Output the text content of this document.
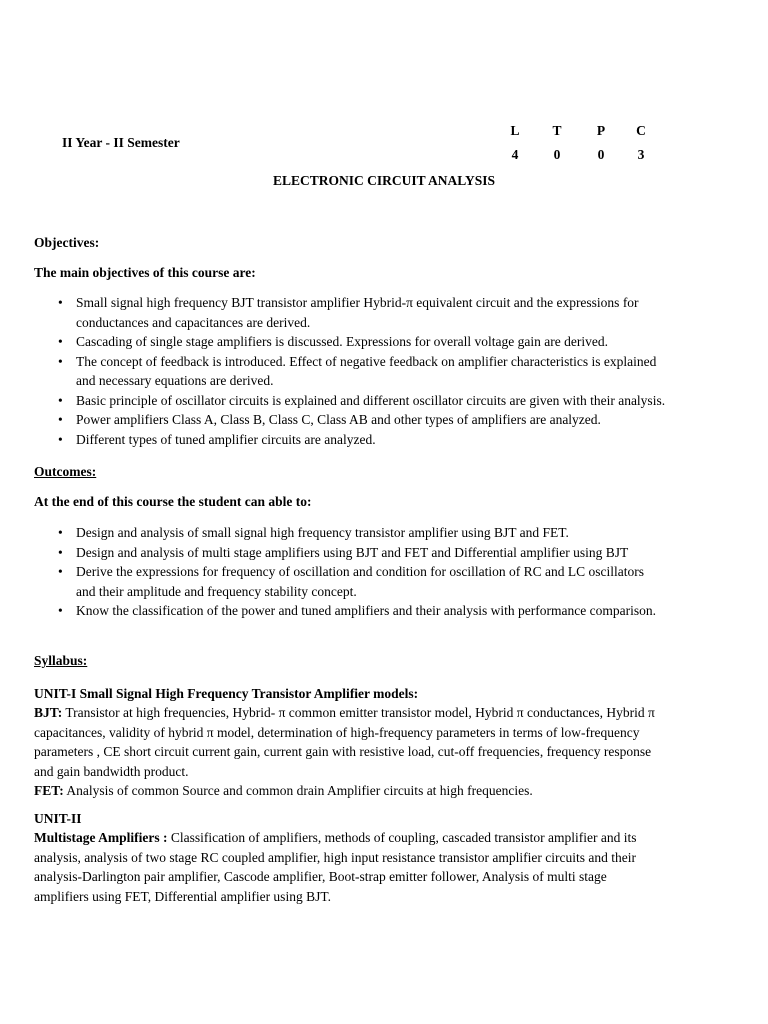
II Year - II Semester
L T	P C
4	0	0 3
ELECTRONIC CIRCUIT ANALYSIS
Objectives:
The main objectives of this course are:
• Small signal high frequency BJT transistor amplifier Hybrid-π equivalent circuit and the expressions for
conductances and capacitances are derived.
• Cascading of single stage amplifiers is discussed. Expressions for overall voltage gain are derived.
• The concept of feedback is introduced. Effect of negative feedback on amplifier characteristics is explained
and necessary equations are derived.
• Basic principle of oscillator circuits is explained and different oscillator circuits are given with their analysis.
• Power amplifiers Class A, Class B, Class C, Class AB and other types of amplifiers are analyzed.
• Different types of tuned amplifier circuits are analyzed.
Outcomes:
At the end of this course the student can able to:
• Design and analysis of small signal high frequency transistor amplifier using BJT and FET.
• Design and analysis of multi stage amplifiers using BJT and FET and Differential amplifier using BJT
• Derive the expressions for frequency of oscillation and condition for oscillation of RC and LC oscillators
and their amplitude and frequency stability concept.
• Know the classification of the power and tuned amplifiers and their analysis with performance comparison.
Syllabus:
UNIT-I Small Signal High Frequency Transistor Amplifier models:
BJT: Transistor at high frequencies, Hybrid- π common emitter transistor model, Hybrid π conductances, Hybrid π
capacitances, validity of hybrid π model, determination of high-frequency parameters in terms of low-frequency
parameters , CE short circuit current gain, current gain with resistive load, cut-off frequencies, frequency response
and gain bandwidth product.
FET: Analysis of common Source and common drain Amplifier circuits at high frequencies.
UNIT-II
Multistage Amplifiers : Classification of amplifiers, methods of coupling, cascaded transistor amplifier and its
analysis, analysis of two stage RC coupled amplifier, high input resistance transistor amplifier circuits and their
analysis-Darlington pair amplifier, Cascode amplifier, Boot-strap emitter follower, Analysis of multi stage
amplifiers using FET, Differential amplifier using BJT.
